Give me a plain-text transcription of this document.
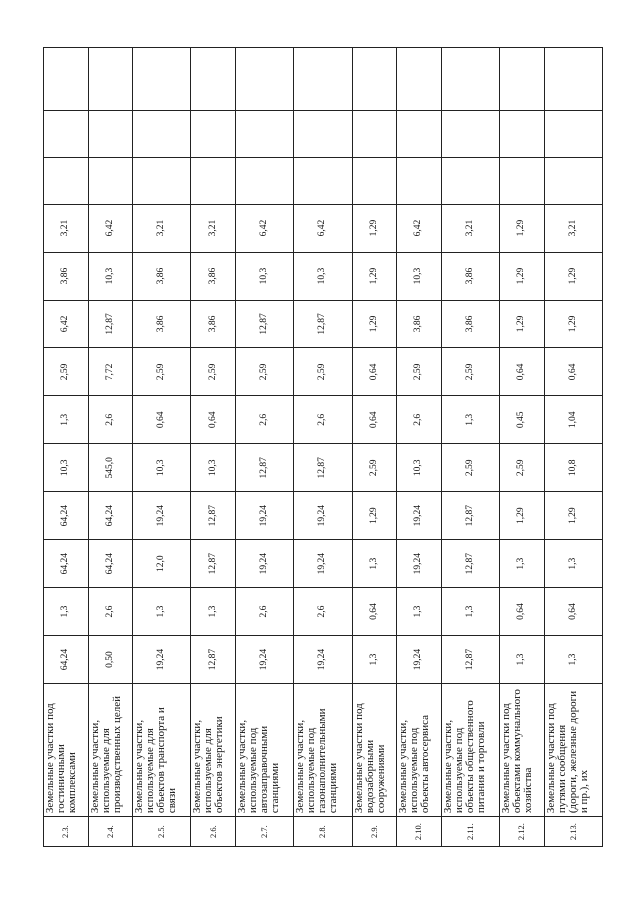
2.3.	Земельные участки под гостиничными комплексами	64,24	1,3	64,24	64,24	10,3	1,3	2,59	6,42	3,86	3,21			
2.4.	Земельные участки, используемые для производственных целей	0,50	2,6	64,24	64,24	545,0	2,6	7,72	12,87	10,3	6,42			
2.5.	Земельные участки, используемые для объектов транспорта и связи	19,24	1,3	12,0	19,24	10,3	0,64	2,59	3,86	3,86	3,21			
2.6.	Земельные участки, используемые для объектов энергетики	12,87	1,3	12,87	12,87	10,3	0,64	2,59	3,86	3,86	3,21			
2.7.	Земельные участки, используемые под автозаправочными станциями	19,24	2,6	19,24	19,24	12,87	2,6	2,59	12,87	10,3	6,42			
2.8.	Земельные участки, используемые под газонаполнительными станциями	19,24	2,6	19,24	19,24	12,87	2,6	2,59	12,87	10,3	6,42			
2.9.	Земельные участки под водозаборными сооружениями	1,3	0,64	1,3	1,29	2,59	0,64	0,64	1,29	1,29	1,29			
2.10.	Земельные участки, используемые под объекты автосервиса	19,24	1,3	19,24	19,24	10,3	2,6	2,59	3,86	10,3	6,42			
2.11.	Земельные участки, используемые под объекты общественного питания и торговли	12,87	1,3	12,87	12,87	2,59	1,3	2,59	3,86	3,86	3,21			
2.12.	Земельные участки под объектами коммунального хозяйства	1,3	0,64	1,3	1,29	2,59	0,45	0,64	1,29	1,29	1,29			
2.13.	Земельные участки под путями сообщения (дороги, железные дороги и пр.), их	1,3	0,64	1,3	1,29	10,8	1,04	0,64	1,29	1,29	3,21			
